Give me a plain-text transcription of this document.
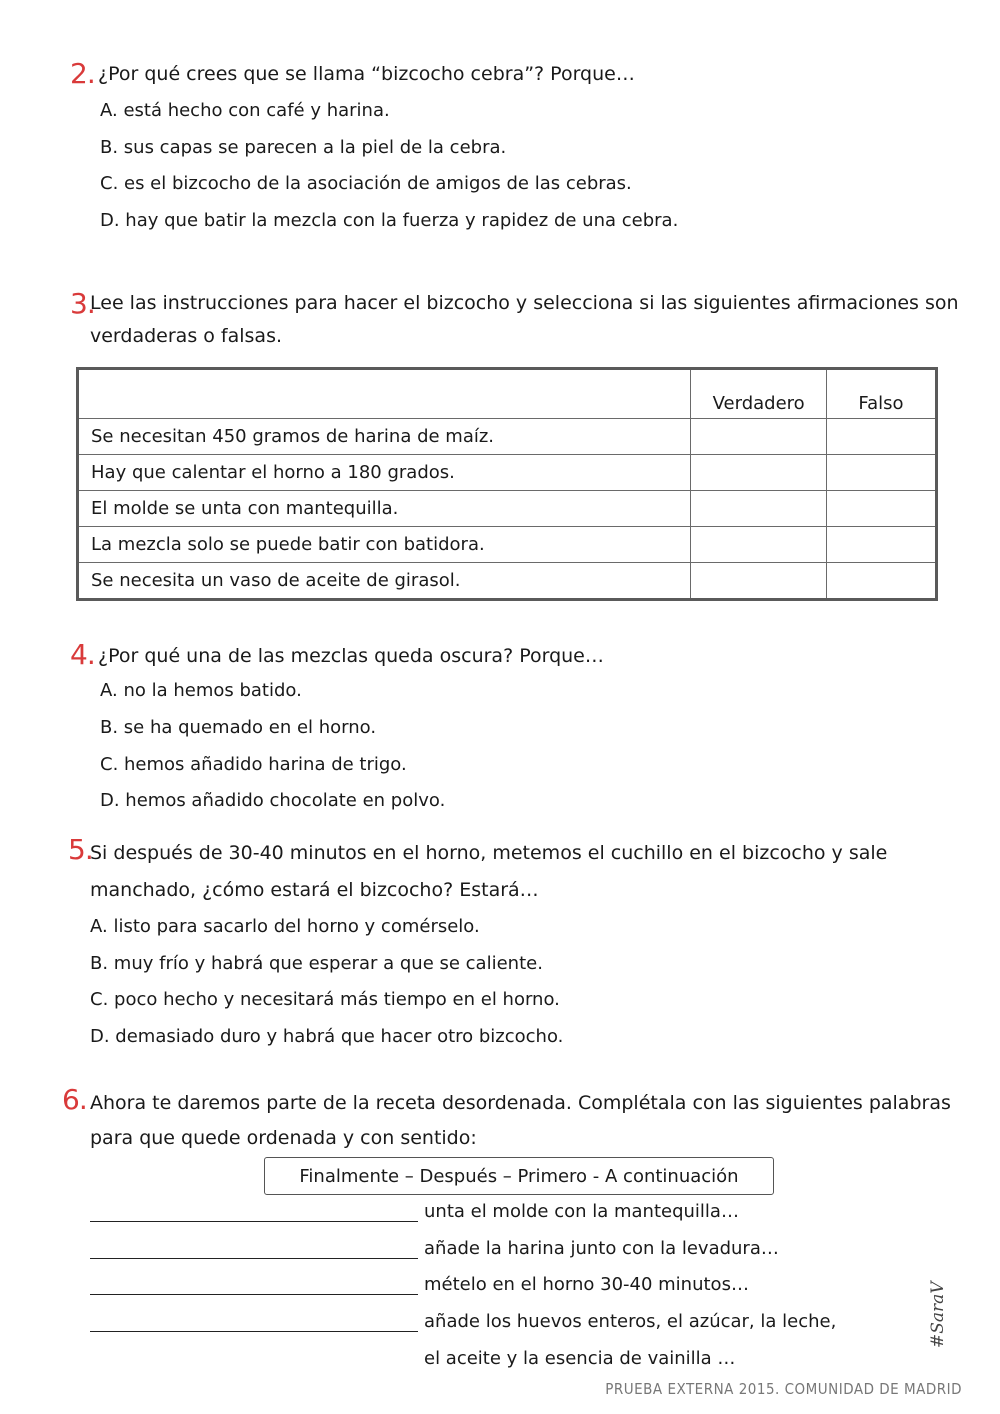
2. ¿Por qué crees que se llama “bizcocho cebra”? Porque…
A. está hecho con café y harina.
B. sus capas se parecen a la piel de la cebra.
C. es el bizcocho de la asociación de amigos de las cebras.
D. hay que batir la mezcla con la fuerza y rapidez de una cebra.
3.
Lee las instrucciones para hacer el bizcocho y selecciona si las siguientes afirmaciones son
verdaderas o falsas.
	Verdadero	Falso
Se necesitan 450 gramos de harina de maíz.		
Hay que calentar el horno a 180 grados.		
El molde se unta con mantequilla.		
La mezcla solo se puede batir con batidora.		
Se necesita un vaso de aceite de girasol.		
4. ¿Por qué una de las mezclas queda oscura? Porque…
A. no la hemos batido.
B. se ha quemado en el horno.
C. hemos añadido harina de trigo.
D. hemos añadido chocolate en polvo.
5.
Si después de 30-40 minutos en el horno, metemos el cuchillo en el bizcocho y sale
manchado, ¿cómo estará el bizcocho? Estará…
A. listo para sacarlo del horno y comérselo.
B. muy frío y habrá que esperar a que se caliente.
C. poco hecho y necesitará más tiempo en el horno.
D. demasiado duro y habrá que hacer otro bizcocho.
6. Ahora te daremos parte de la receta desordenada. Complétala con las siguientes palabras
para que quede ordenada y con sentido:
Finalmente – Después – Primero - A continuación
unta el molde con la mantequilla…
añade la harina junto con la levadura…
mételo en el horno 30-40 minutos…
añade los huevos enteros, el azúcar, la leche,
el aceite y la esencia de vainilla …
#SaraV
PRUEBA EXTERNA 2015. COMUNIDAD DE MADRID
